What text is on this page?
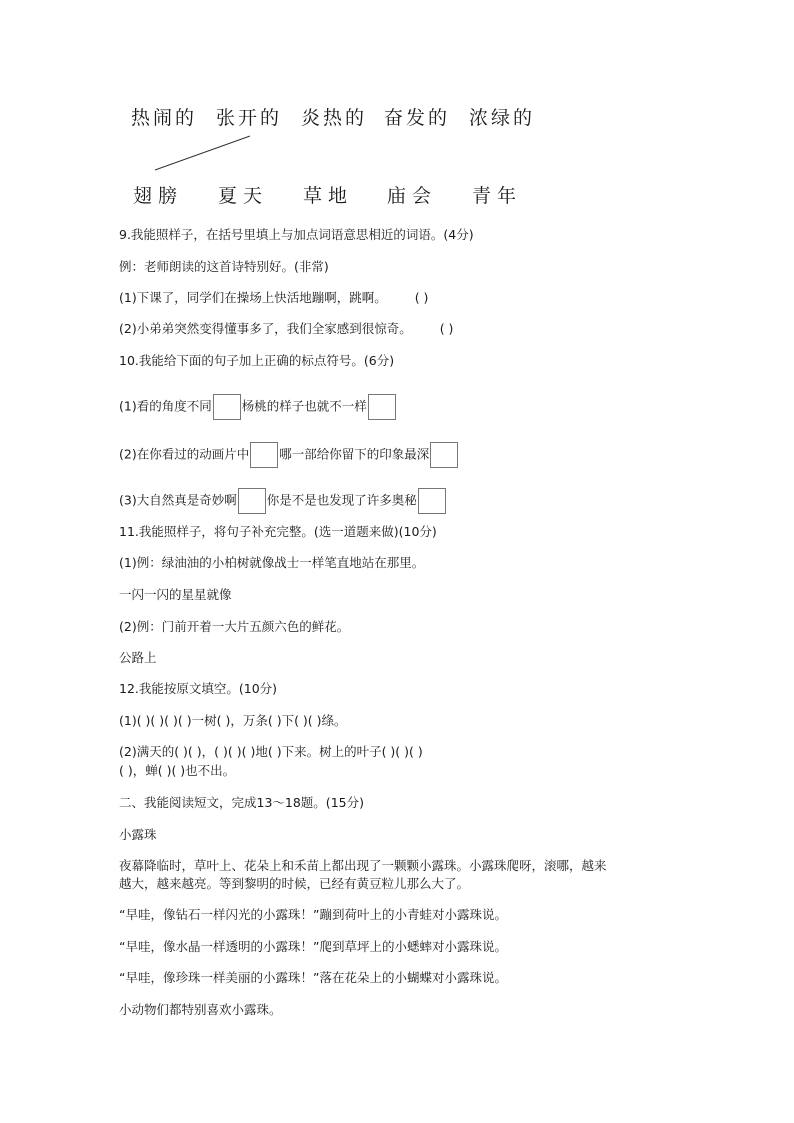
热闹的 张开的 炎热的 奋发的 浓绿的
翅膀 夏天 草地 庙会 青年
9.我能照样子，在括号里填上与加点词语意思相近的词语。(4分)
例：老师朗读的这首诗特别好。(非常)
(1)下课了，同学们在操场上快活地蹦啊，跳啊。 ( )
(2)小弟弟突然变得懂事多了，我们全家感到很惊奇。 ( )
10.我能给下面的句子加上正确的标点符号。(6分)
(1)看的角度不同 杨桃的样子也就不一样
(2)在你看过的动画片中 哪一部给你留下的印象最深
(3)大自然真是奇妙啊 你是不是也发现了许多奥秘
11.我能照样子，将句子补充完整。(选一道题来做)(10分)
(1)例：绿油油的小柏树就像战士一样笔直地站在那里。
一闪一闪的星星就像
(2)例：门前开着一大片五颜六色的鲜花。
公路上
12.我能按原文填空。(10分)
(1)( )( )( )( )一树( )，万条( )下( )( )绦。
(2)满天的( )( )，( )( )( )地( )下来。树上的叶子( )( )( )
( )，蝉( )( )也不出。
二、我能阅读短文，完成13～18题。(15分)
小露珠
夜幕降临时，草叶上、花朵上和禾苗上都出现了一颗颗小露珠。小露珠爬呀，滚哪，越来
越大，越来越亮。等到黎明的时候，已经有黄豆粒儿那么大了。
“早哇，像钻石一样闪光的小露珠！”蹦到荷叶上的小青蛙对小露珠说。
“早哇，像水晶一样透明的小露珠！”爬到草坪上的小蟋蟀对小露珠说。
“早哇，像珍珠一样美丽的小露珠！”落在花朵上的小蝴蝶对小露珠说。
小动物们都特别喜欢小露珠。
